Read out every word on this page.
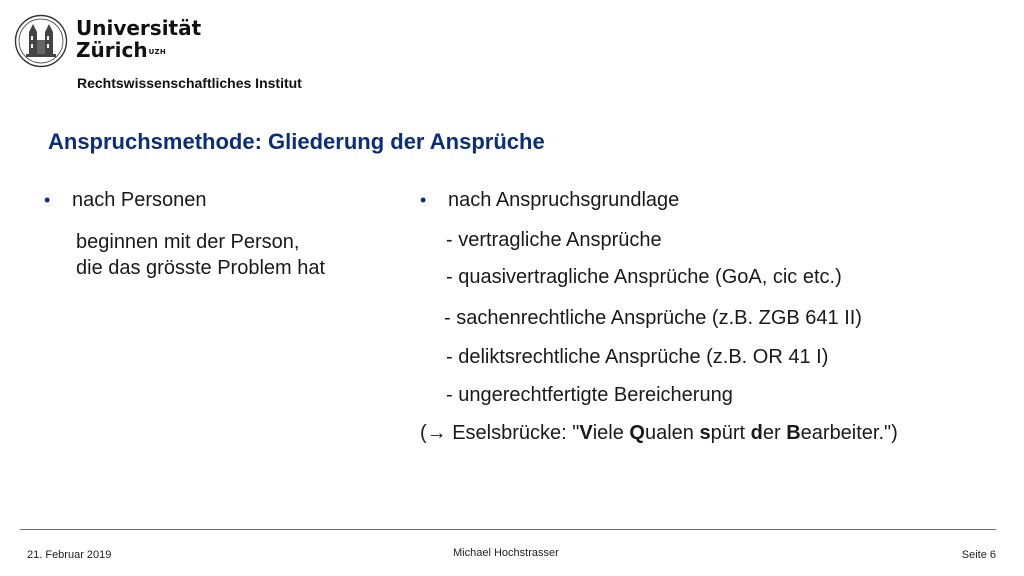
Universität
Zürich$^{UZH}$
Rechtswissenschaftliches Institut
Anspruchsmethode: Gliederung der Ansprüche
•	nach Personen
beginnen mit der Person,
die das grösste Problem hat
•	nach Anspruchsgrundlage
- vertragliche Ansprüche
- quasivertragliche Ansprüche (GoA, cic etc.)
- sachenrechtliche Ansprüche (z.B. ZGB 641 II)
- deliktsrechtliche Ansprüche (z.B. OR 41 I)
- ungerechtfertigte Bereicherung
(→ Eselsbrücke: "Viele Qualen spürt der Bearbeiter.")
21. Februar 2019	Michael Hochstrasser	Seite 6
